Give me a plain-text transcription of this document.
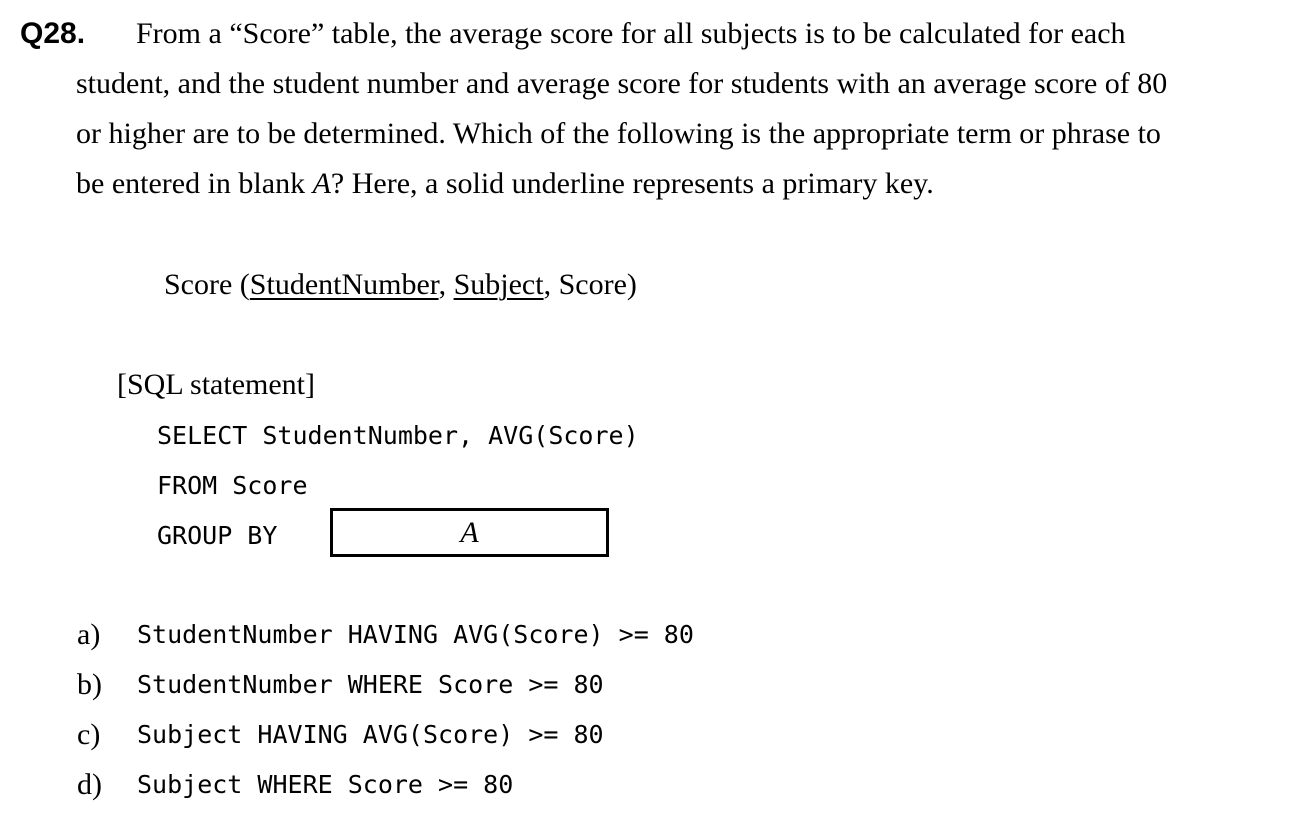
Q28. From a “Score” table, the average score for all subjects is to be calculated for each
student, and the student number and average score for students with an average score of 80
or higher are to be determined. Which of the following is the appropriate term or phrase to
be entered in blank A? Here, a solid underline represents a primary key.
Score (StudentNumber, Subject, Score)
[SQL statement]
SELECT StudentNumber, AVG(Score)
FROM Score
GROUP BY	A
a) StudentNumber HAVING AVG(Score) >= 80
b) StudentNumber WHERE Score >= 80
c) Subject HAVING AVG(Score) >= 80
d) Subject WHERE Score >= 80
